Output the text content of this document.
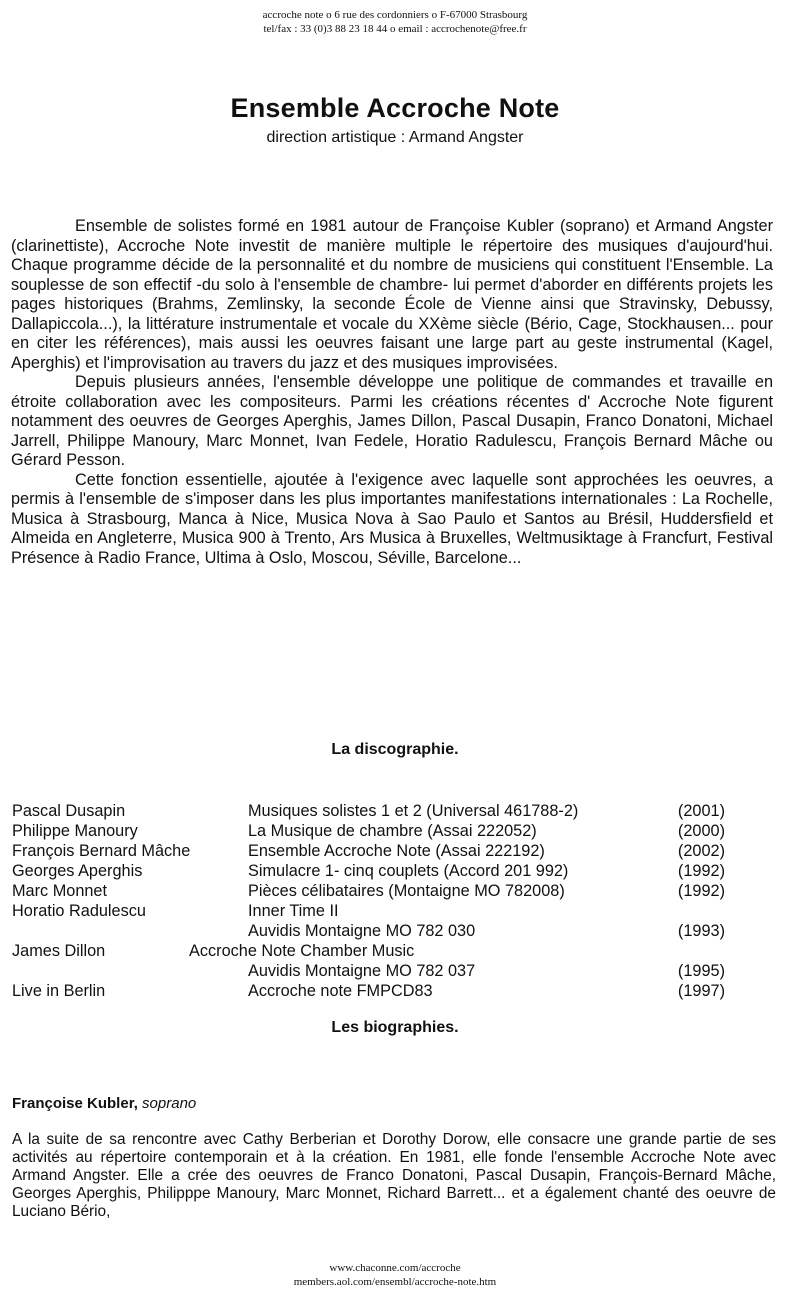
accroche note o 6 rue des cordonniers o F-67000 Strasbourg
tel/fax : 33 (0)3 88 23 18 44 o email : accrochenote@free.fr
Ensemble Accroche Note
direction artistique : Armand Angster

Ensemble de solistes formé en 1981 autour de Françoise Kubler (soprano) et Armand Angster (clarinettiste), Accroche Note investit de manière multiple le répertoire des musiques d'aujourd'hui. Chaque programme décide de la personnalité et du nombre de musiciens qui constituent l'Ensemble. La souplesse de son effectif -du solo à l'ensemble de chambre- lui permet d'aborder en différents projets les pages historiques (Brahms, Zemlinsky, la seconde École de Vienne ainsi que Stravinsky, Debussy, Dallapiccola...), la littérature instrumentale et vocale du XXème siècle (Bério, Cage, Stockhausen... pour en citer les références), mais aussi les oeuvres faisant une large part au geste instrumental (Kagel, Aperghis) et l'improvisation au travers du jazz et des musiques improvisées.

Depuis plusieurs années, l'ensemble développe une politique de commandes et travaille en étroite collaboration avec les compositeurs. Parmi les créations récentes d' Accroche Note figurent notamment des oeuvres de Georges Aperghis, James Dillon, Pascal Dusapin, Franco Donatoni, Michael Jarrell, Philippe Manoury, Marc Monnet, Ivan Fedele, Horatio Radulescu, François Bernard Mâche ou Gérard Pesson.

Cette fonction essentielle, ajoutée à l'exigence avec laquelle sont approchées les oeuvres, a permis à l'ensemble de s'imposer dans les plus importantes manifestations internationales : La Rochelle, Musica à Strasbourg, Manca à Nice, Musica Nova à Sao Paulo et Santos au Brésil, Huddersfield et Almeida en Angleterre, Musica 900 à Trento, Ars Musica à Bruxelles, Weltmusiktage à Francfurt, Festival Présence à Radio France, Ultima à Oslo, Moscou, Séville, Barcelone...

La discographie.
Pascal Dusapin	Musiques solistes 1 et 2 (Universal 461788-2)	(2001)
Philippe Manoury	La Musique de chambre (Assai 222052)	(2000)
François Bernard Mâche	Ensemble Accroche Note (Assai 222192)	(2002)
Georges Aperghis	Simulacre 1- cinq couplets (Accord 201 992)	(1992)
Marc Monnet	Pièces célibataires (Montaigne MO 782008)	(1992)
Horatio Radulescu	Inner Time II
Auvidis Montaigne MO 782 030	(1993)
James Dillon	Accroche Note Chamber Music
Auvidis Montaigne MO 782 037	(1995)
Live in Berlin	Accroche note FMPCD83	(1997)
Les biographies.
Françoise Kubler, soprano

A la suite de sa rencontre avec Cathy Berberian et Dorothy Dorow, elle consacre une grande partie de ses activités au répertoire contemporain et à la création. En 1981, elle fonde l'ensemble Accroche Note avec Armand Angster. Elle a crée des oeuvres de Franco Donatoni, Pascal Dusapin, François-Bernard Mâche, Georges Aperghis, Philipppe Manoury, Marc Monnet, Richard Barrett... et a également chanté des oeuvre de Luciano Bério,

www.chaconne.com/accroche
members.aol.com/ensembl/accroche-note.htm
